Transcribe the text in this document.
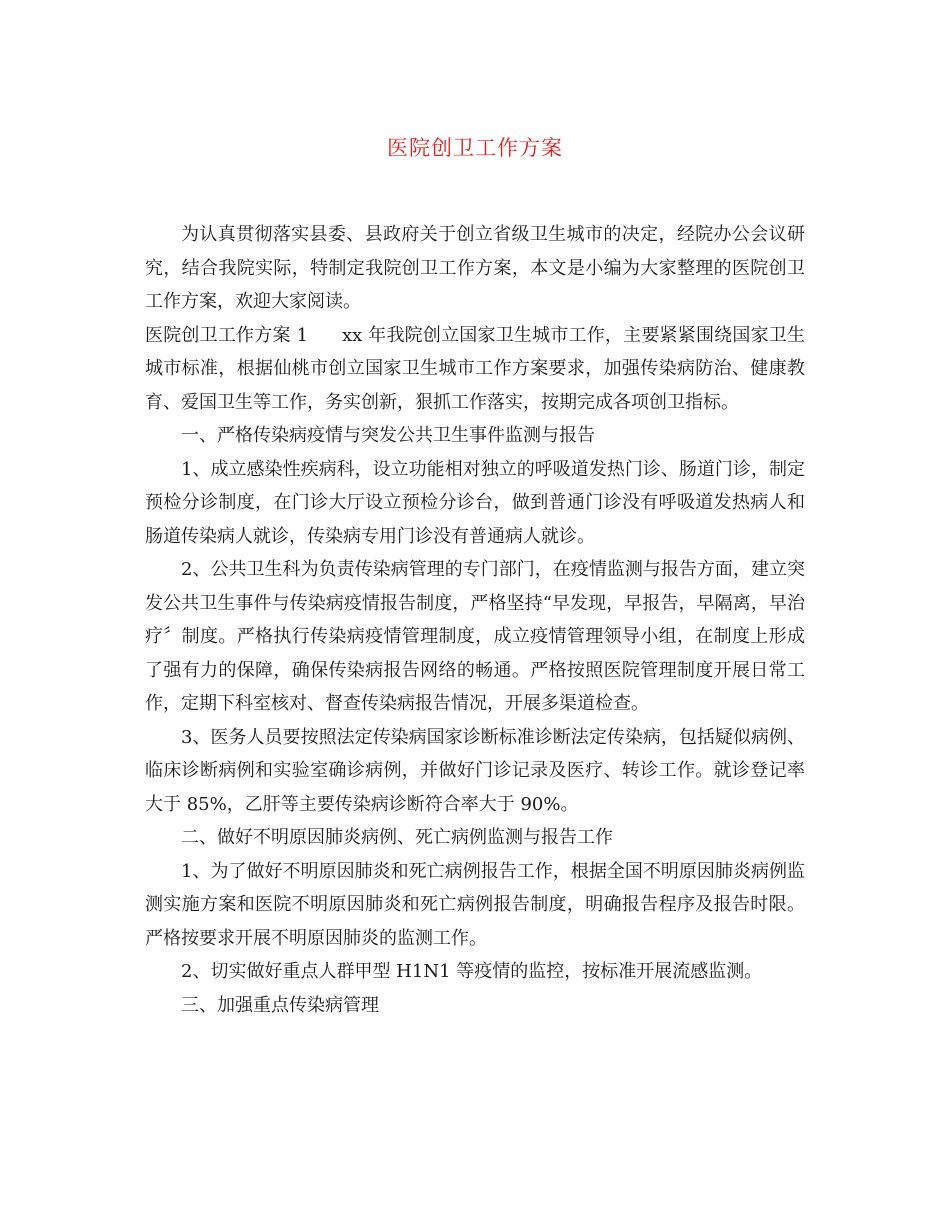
医院创卫工作方案

为认真贯彻落实县委、县政府关于创立省级卫生城市的决定，经院办公会议研究，结合我院实际，特制定我院创卫工作方案，本文是小编为大家整理的医院创卫工作方案，欢迎大家阅读。

医院创卫工作方案 1 xx 年我院创立国家卫生城市工作，主要紧紧围绕国家卫生城市标准，根据仙桃市创立国家卫生城市工作方案要求，加强传染病防治、健康教育、爱国卫生等工作，务实创新，狠抓工作落实，按期完成各项创卫指标。

一、严格传染病疫情与突发公共卫生事件监测与报告

1、成立感染性疾病科，设立功能相对独立的呼吸道发热门诊、肠道门诊，制定预检分诊制度，在门诊大厅设立预检分诊台，做到普通门诊没有呼吸道发热病人和肠道传染病人就诊，传染病专用门诊没有普通病人就诊。

2、公共卫生科为负责传染病管理的专门部门，在疫情监测与报告方面，建立突发公共卫生事件与传染病疫情报告制度，严格坚持“早发现，早报告，早隔离，早治疗〞制度。严格执行传染病疫情管理制度，成立疫情管理领导小组，在制度上形成了强有力的保障，确保传染病报告网络的畅通。严格按照医院管理制度开展日常工作，定期下科室核对、督查传染病报告情况，开展多渠道检查。

3、医务人员要按照法定传染病国家诊断标准诊断法定传染病，包括疑似病例、临床诊断病例和实验室确诊病例，并做好门诊记录及医疗、转诊工作。就诊登记率大于 85%，乙肝等主要传染病诊断符合率大于 90%。

二、做好不明原因肺炎病例、死亡病例监测与报告工作

1、为了做好不明原因肺炎和死亡病例报告工作，根据全国不明原因肺炎病例监测实施方案和医院不明原因肺炎和死亡病例报告制度，明确报告程序及报告时限。严格按要求开展不明原因肺炎的监测工作。

2、切实做好重点人群甲型 H1N1 等疫情的监控，按标准开展流感监测。

三、加强重点传染病管理
